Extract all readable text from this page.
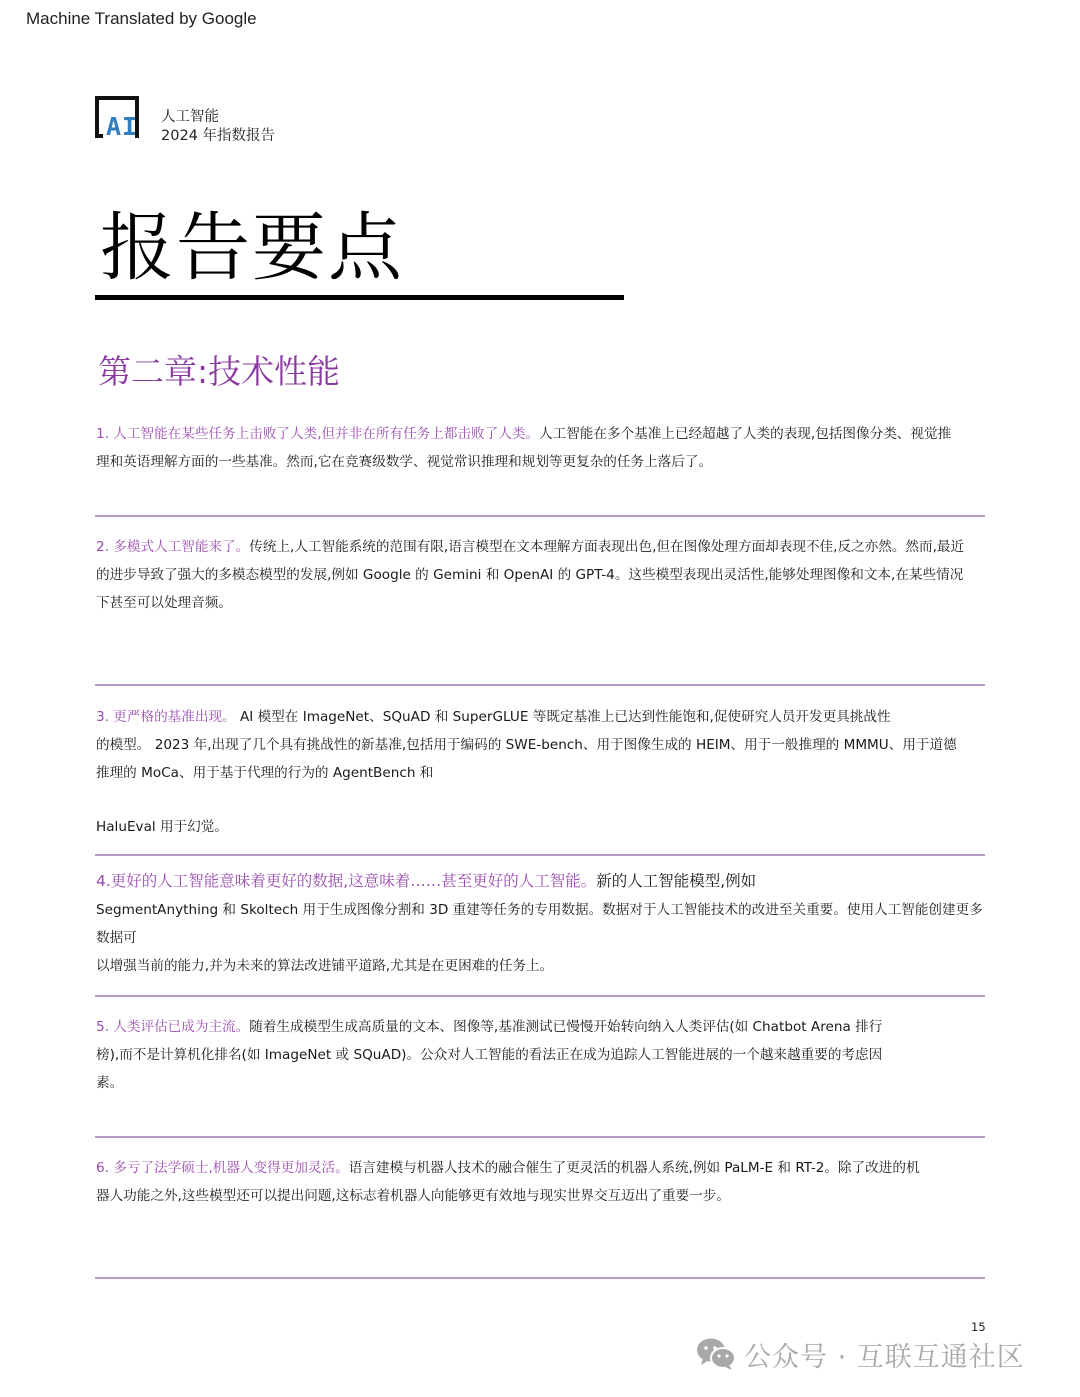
Machine Translated by Google
AI 人工智能
2024 年指数报告
报告要点
第二章:技术性能
1. 人工智能在某些任务上击败了人类,但并非在所有任务上都击败了人类。人工智能在多个基准上已经超越了人类的表现,包括图像分类、视觉推
理和英语理解方面的一些基准。然而,它在竞赛级数学、视觉常识推理和规划等更复杂的任务上落后了。
2. 多模式人工智能来了。传统上,人工智能系统的范围有限,语言模型在文本理解方面表现出色,但在图像处理方面却表现不佳,反之亦然。然而,最近
的进步导致了强大的多模态模型的发展,例如 Google 的 Gemini 和 OpenAI 的 GPT-4。这些模型表现出灵活性,能够处理图像和文本,在某些情况
下甚至可以处理音频。
3. 更严格的基准出现。 AI 模型在 ImageNet、SQuAD 和 SuperGLUE 等既定基准上已达到性能饱和,促使研究人员开发更具挑战性
的模型。 2023 年,出现了几个具有挑战性的新基准,包括用于编码的 SWE-bench、用于图像生成的 HEIM、用于一般推理的 MMMU、用于道德
推理的 MoCa、用于基于代理的行为的 AgentBench 和
HaluEval 用于幻觉。
4.更好的人工智能意味着更好的数据,这意味着……甚至更好的人工智能。新的人工智能模型,例如
SegmentAnything 和 Skoltech 用于生成图像分割和 3D 重建等任务的专用数据。数据对于人工智能技术的改进至关重要。使用人工智能创建更多数据可
以增强当前的能力,并为未来的算法改进铺平道路,尤其是在更困难的任务上。
5. 人类评估已成为主流。随着生成模型生成高质量的文本、图像等,基准测试已慢慢开始转向纳入人类评估(如 Chatbot Arena 排行
榜),而不是计算机化排名(如 ImageNet 或 SQuAD)。公众对人工智能的看法正在成为追踪人工智能进展的一个越来越重要的考虑因
素。
6. 多亏了法学硕士,机器人变得更加灵活。语言建模与机器人技术的融合催生了更灵活的机器人系统,例如 PaLM-E 和 RT-2。除了改进的机
器人功能之外,这些模型还可以提出问题,这标志着机器人向能够更有效地与现实世界交互迈出了重要一步。
15
公众号 · 互联互通社区
